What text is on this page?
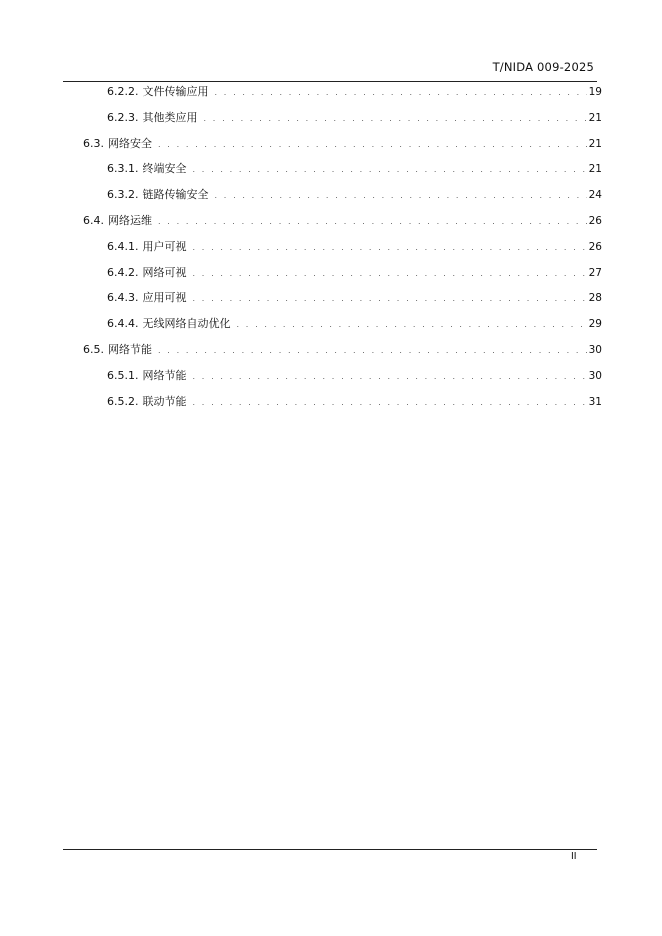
T/NIDA 009-2025
6.2.2. 文件传输应用 . . .	19
6.2.3. 其他类应用 . . .	21
6.3. 网络安全 . . .	21
6.3.1. 终端安全 . . .	21
6.3.2. 链路传输安全 . . .	24
6.4. 网络运维 . . .	26
6.4.1. 用户可视 . . .	26
6.4.2. 网络可视 . . .	27
6.4.3. 应用可视 . . .	28
6.4.4. 无线网络自动优化 . . .	29
6.5. 网络节能 . . .	30
6.5.1. 网络节能 . . .	30
6.5.2. 联动节能 . . .	31
II
